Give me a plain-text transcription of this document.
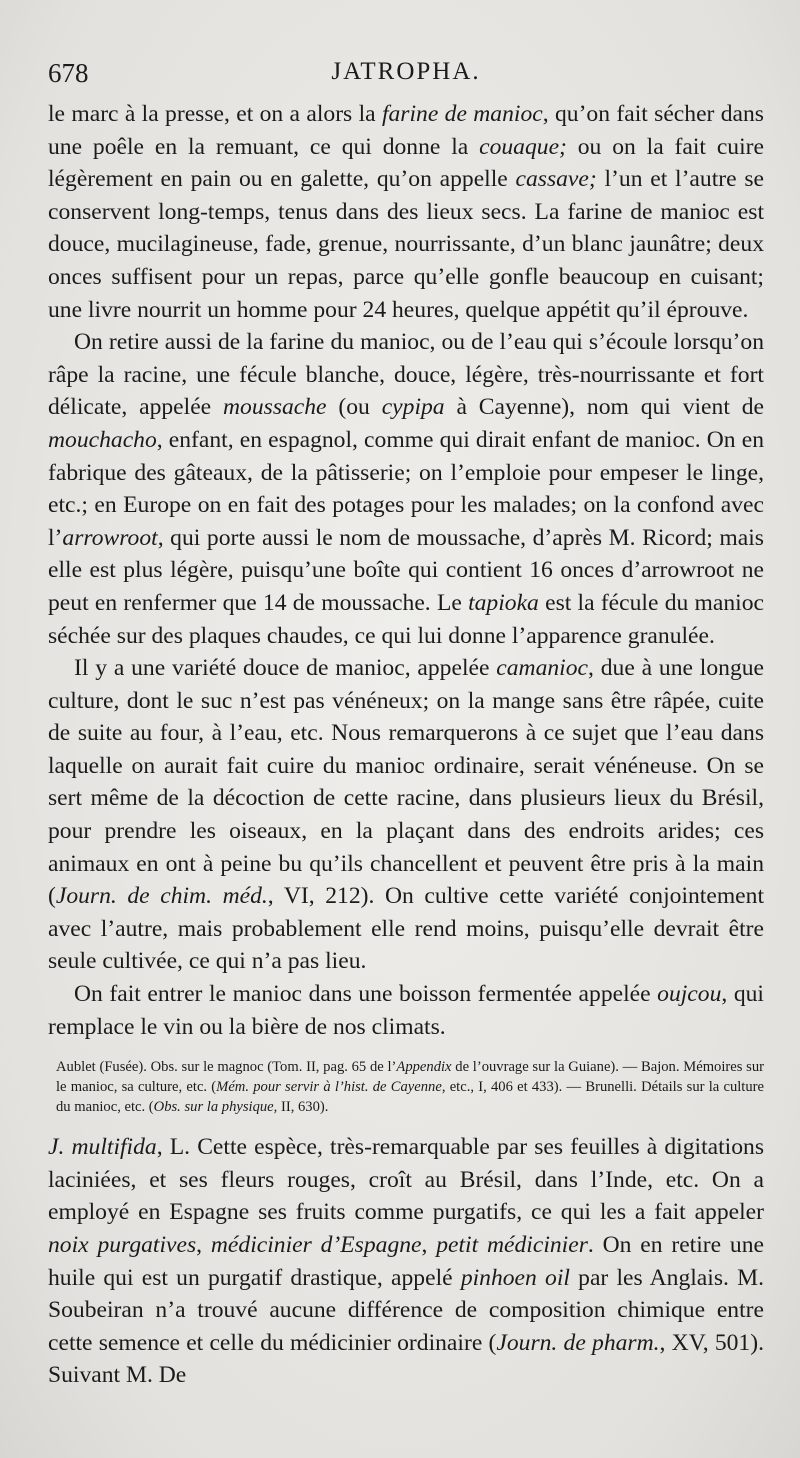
678	JATROPHA.

le marc à la presse, et on a alors la farine de manioc, qu’on fait sécher dans une poêle en la remuant, ce qui donne la couaque; ou on la fait cuire légèrement en pain ou en galette, qu’on appelle cassave; l’un et l’autre se conservent long-temps, tenus dans des lieux secs. La farine de manioc est douce, mucilagineuse, fade, grenue, nourrissante, d’un blanc jaunâtre; deux onces suffisent pour un repas, parce qu’elle gonfle beaucoup en cuisant; une livre nourrit un homme pour 24 heures, quelque appétit qu’il éprouve.

On retire aussi de la farine du manioc, ou de l’eau qui s’écoule lorsqu’on râpe la racine, une fécule blanche, douce, légère, très-nourrissante et fort délicate, appelée moussache (ou cypipa à Cayenne), nom qui vient de mouchacho, enfant, en espagnol, comme qui dirait enfant de manioc. On en fabrique des gâteaux, de la pâtisserie; on l’emploie pour empeser le linge, etc.; en Europe on en fait des potages pour les malades; on la confond avec l’arrowroot, qui porte aussi le nom de moussache, d’après M. Ricord; mais elle est plus légère, puisqu’une boîte qui contient 16 onces d’arrowroot ne peut en renfermer que 14 de moussache. Le tapioka est la fécule du manioc séchée sur des plaques chaudes, ce qui lui donne l’apparence granulée.

Il y a une variété douce de manioc, appelée camanioc, due à une longue culture, dont le suc n’est pas vénéneux; on la mange sans être râpée, cuite de suite au four, à l’eau, etc. Nous remarquerons à ce sujet que l’eau dans laquelle on aurait fait cuire du manioc ordinaire, serait vénéneuse. On se sert même de la décoction de cette racine, dans plusieurs lieux du Brésil, pour prendre les oiseaux, en la plaçant dans des endroits arides; ces animaux en ont à peine bu qu’ils chancellent et peuvent être pris à la main (Journ. de chim. méd., VI, 212). On cultive cette variété conjointement avec l’autre, mais probablement elle rend moins, puisqu’elle devrait être seule cultivée, ce qui n’a pas lieu.

On fait entrer le manioc dans une boisson fermentée appelée oujcou, qui remplace le vin ou la bière de nos climats.

Aublet (Fusée). Obs. sur le magnoc (Tom. II, pag. 65 de l’Appendix de l’ouvrage sur la Guiane). — Bajon. Mémoires sur le manioc, sa culture, etc. (Mém. pour servir à l’hist. de Cayenne, etc., I, 406 et 433). — Brunelli. Détails sur la culture du manioc, etc. (Obs. sur la physique, II, 630).

J. multifida, L. Cette espèce, très-remarquable par ses feuilles à digitations laciniées, et ses fleurs rouges, croît au Brésil, dans l’Inde, etc. On a employé en Espagne ses fruits comme purgatifs, ce qui les a fait appeler noix purgatives, médicinier d’Espagne, petit médicinier. On en retire une huile qui est un purgatif drastique, appelé pinhoen oil par les Anglais. M. Soubeiran n’a trouvé aucune différence de composition chimique entre cette semence et celle du médicinier ordinaire (Journ. de pharm., XV, 501). Suivant M. De
